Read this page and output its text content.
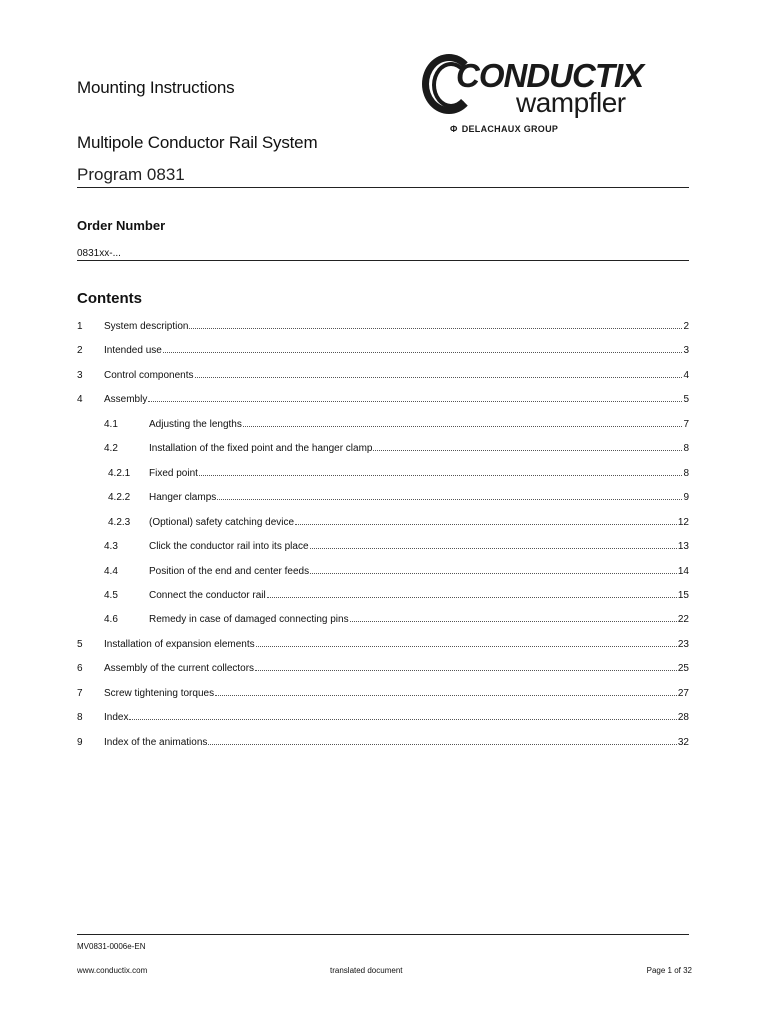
Mounting Instructions
Multipole Conductor Rail System
Program 0831
CONDUCTIX
wampfler
Φ DELACHAUX GROUP
Order Number
0831xx-...
Contents
1 System description	2
2 Intended use	3
3 Control components	4
4 Assembly	5
4.1	Adjusting the lengths	7
4.2	Installation of the fixed point and the hanger clamp	8
4.2.1 Fixed point	8
4.2.2 Hanger clamps	9
4.2.3 (Optional) safety catching device	12
4.3	Click the conductor rail into its place	13
4.4	Position of the end and center feeds	14
4.5	Connect the conductor rail	15
4.6	Remedy in case of damaged connecting pins	22
5 Installation of expansion elements	23
6 Assembly of the current collectors	25
7 Screw tightening torques	27
8 Index	28
9 Index of the animations	32
MV0831-0006e-EN
www.conductix.com	translated document	Page 1 of 32
